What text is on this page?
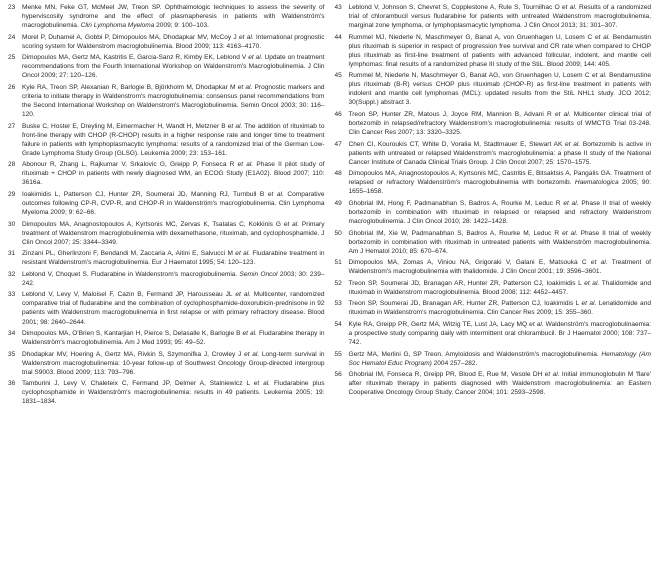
23	Menke MN, Feke GT, McMeel JW, Treon SP. Ophthalmologic techniques to assess the severity of hyperviscosity syndrome and the effect of plasmapheresis in patients with Waldenström's macroglobulinemia. Clin Lymphoma Myeloma 2009; 9: 100–103.
24	Morel P, Duhamel A, Gobbi P, Dimopoulos MA, Dhodapkar MV, McCoy J et al. International prognostic scoring system for Waldenstrom macroglobulinemia. Blood 2009; 113: 4163–4170.
25	Dimopoulos MA, Gertz MA, Kastritis E, Garcia-Sanz R, Kimby EK, Leblond V et al. Update on treatment recommendations from the Fourth International Workshop on Waldenstrom's Macroglobulinemia. J Clin Oncol 2009; 27: 120–126.
26	Kyle RA, Treon SP, Alexanian R, Barlogie B, Björkholm M, Dhodapkar M et al. Prognostic markers and criteria to initiate therapy in Waldenstrom's macroglobulinemia: consensus panel recommendations from the Second International Workshop on Waldenstrom's Macroglobulinemia. Semin Oncol 2003; 30: 116–120.
27	Buske C, Hoster E, Dreyling M, Eimermacher H, Wandt H, Metzner B et al. The addition of rituximab to front-line therapy with CHOP (R-CHOP) results in a higher response rate and longer time to treatment failure in patients with lymphoplasmacytic lymphoma: results of a randomized trial of the German Low-Grade Lymphoma Study Group (GLSG). Leukemia 2009; 23: 153–161.
28	Abonour R, Zhang L, Rajkumar V, Srkalovic G, Greipp P, Fonseca R et al. Phase II pilot study of rituximab + CHOP in patients with newly diagnosed WM, an ECOG Study (E1A02). Blood 2007; 110: 3616a.
29	Ioakimidis L, Patterson CJ, Hunter ZR, Soumerai JD, Manning RJ, Turnbull B et al. Comparative outcomes following CP-R, CVP-R, and CHOP-R in Waldenström's macroglobulinemia. Clin Lymphoma Myeloma 2009; 9: 62–66.
30	Dimopoulos MA, Anagnostopoulos A, Kyrtsonis MC, Zervas K, Tsatalas C, Kokkinis G et al. Primary treatment of Waldenstrom macroglobulinemia with dexamethasone, rituximab, and cyclophosphamide. J Clin Oncol 2007; 25: 3344–3349.
31	Zinzani PL, Gherlinzoni F, Bendandi M, Zaccaria A, Aitini E, Salvucci M et al. Fludarabine treatment in resistant Waldenstrom's macroglobulinemia. Eur J Haematol 1995; 54: 120–123.
32	Leblond V, Choquet S. Fludarabine in Waldenstrom's macroglobulinemia. Semin Oncol 2003; 30: 239–242.
33	Leblond V, Levy V, Maloisel F, Cazin B, Fermand JP, Harousseau JL et al. Multicenter, randomized comparative trial of fludarabine and the combination of cyclophosphamide-doxorubicin-prednisone in 92 patients with Waldenstrom macroglobulinemia in first relapse or with primary refractory disease. Blood 2001; 98: 2640–2644.
34	Dimopoulos MA, O'Brien S, Kantarjian H, Pierce S, Delasalle K, Barlogie B et al. Fludarabine therapy in Waldenström's macroglobulinemia. Am J Med 1993; 95: 49–52.
35	Dhodapkar MV, Hoering A, Gertz MA, Rivkin S, Szymonifka J, Crowley J et al. Long-term survival in Waldenstrom macroglobulinemia: 10-year follow-up of Southwest Oncology Group-directed intergroup trial S9003. Blood 2009; 113: 793–796.
36	Tamburini J, Levy V, Chaleteix C, Fermand JP, Delmer A, Stalniewicz L et al. Fludarabine plus cyclophosphamide in Waldenström's macroglobulinemia: results in 49 patients. Leukemia 2005; 19: 1831–1834.
43	Leblond V, Johnson S, Chevret S, Copplestone A, Rule S, Tournilhac O et al. Results of a randomized trial of chlorambucil versus fludarabine for patients with untreated Waldenstrom macroglobulinemia, marginal zone lymphoma, or lymphoplasmacytic lymphoma. J Clin Oncol 2013; 31: 301–307.
44	Rummel MJ, Niederle N, Maschmeyer G, Banat A, von Gruenhagen U, Losem C et al. Bendamustin plus rituximab is superior in respect of progression free survival and CR rate when compared to CHOP plus rituximab as first-line treatment of patients with advanced follicular, indolent, and mantle cell lymphomas: final results of a randomized phase III study of the StiL. Blood 2009; 144: 405.
45	Rummel M, Niederle N, Maschmeyer G, Banat AG, von Gruenhagen U, Losem C et al. Bendamustine plus rituximab (B-R) versus CHOP plus rituximab (CHOP-R) as first-line treatment in patients with indolent and mantle cell lymphomas (MCL): updated results from the StiL NHL1 study. JCO 2012; 30(Suppl.) abstract 3.
46	Treon SP, Hunter ZR, Matous J, Joyce RM, Mannion B, Advani R et al. Multicenter clinical trial of bortezomib in relapsed/refractory Waldenstrom's macroglobulinemia: results of WMCTG Trial 03-248. Clin Cancer Res 2007; 13: 3320–3325.
47	Chen CI, Kouroukis CT, White D, Voralia M, Stadtmauer E, Stewart AK et al. Bortezomib is active in patients with untreated or relapsed Waldenstrom's macroglobulinemia: a phase II study of the National Cancer Institute of Canada Clinical Trials Group. J Clin Oncol 2007; 25: 1570–1575.
48	Dimopoulos MA, Anagnostopoulos A, Kyrtsonis MC, Castritis E, Bitsaktsis A, Pangalis GA. Treatment of relapsed or refractory Waldenström's macroglobulinemia with bortezomib. Haematologica 2005; 90: 1655–1658.
49	Ghobrial IM, Hong F, Padmanabhan S, Badros A, Rourke M, Leduc R et al. Phase II trial of weekly bortezomib in combination with rituximab in relapsed or relapsed and refractory Waldenstrom macroglobulinemia. J Clin Oncol 2010; 28: 1422–1428.
50	Ghobrial IM, Xie W, Padmanabhan S, Badros A, Rourke M, Leduc R et al. Phase II trial of weekly bortezomib in combination with rituximab in untreated patients with Waldenström macroglobulinemia. Am J Hematol 2010; 85: 670–674.
51	Dimopoulos MA, Zomas A, Viniou NA, Grigoraki V, Galani E, Matsouka C et al. Treatment of Waldenstrom's macroglobulinemia with thalidomide. J Clin Oncol 2001; 19: 3596–3601.
52	Treon SP, Soumerai JD, Branagan AR, Hunter ZR, Patterson CJ, Ioakimidis L et al. Thalidomide and rituximab in Waldenstrom macroglobulinemia. Blood 2008; 112: 4452–4457.
53	Treon SP, Soumerai JD, Branagan AR, Hunter ZR, Patterson CJ, Ioakimidis L et al. Lenalidomide and rituximab in Waldenstrom's macroglobulinemia. Clin Cancer Res 2009; 15: 355–360.
54	Kyle RA, Greipp PR, Gertz MA, Witzig TE, Lust JA, Lacy MQ et al. Waldenström's macroglobulinaemia: a prospective study comparing daily with intermittent oral chlorambucil. Br J Haematol 2000; 108: 737–742.
55	Gertz MA, Merlini G, SP Treon. Amyloidosis and Waldenström's macroglobulinemia. Hematology (Am Soc Hematol Educ Program) 2004 257–282.
56	Ghobrial IM, Fonseca R, Greipp PR, Blood E, Rue M, Vesole DH et al. Initial immunoglobulin M 'flare' after rituximab therapy in patients diagnosed with Waldenstrom macroglobulinemia: an Eastern Cooperative Oncology Group Study. Cancer 2004; 101: 2593–2598.
